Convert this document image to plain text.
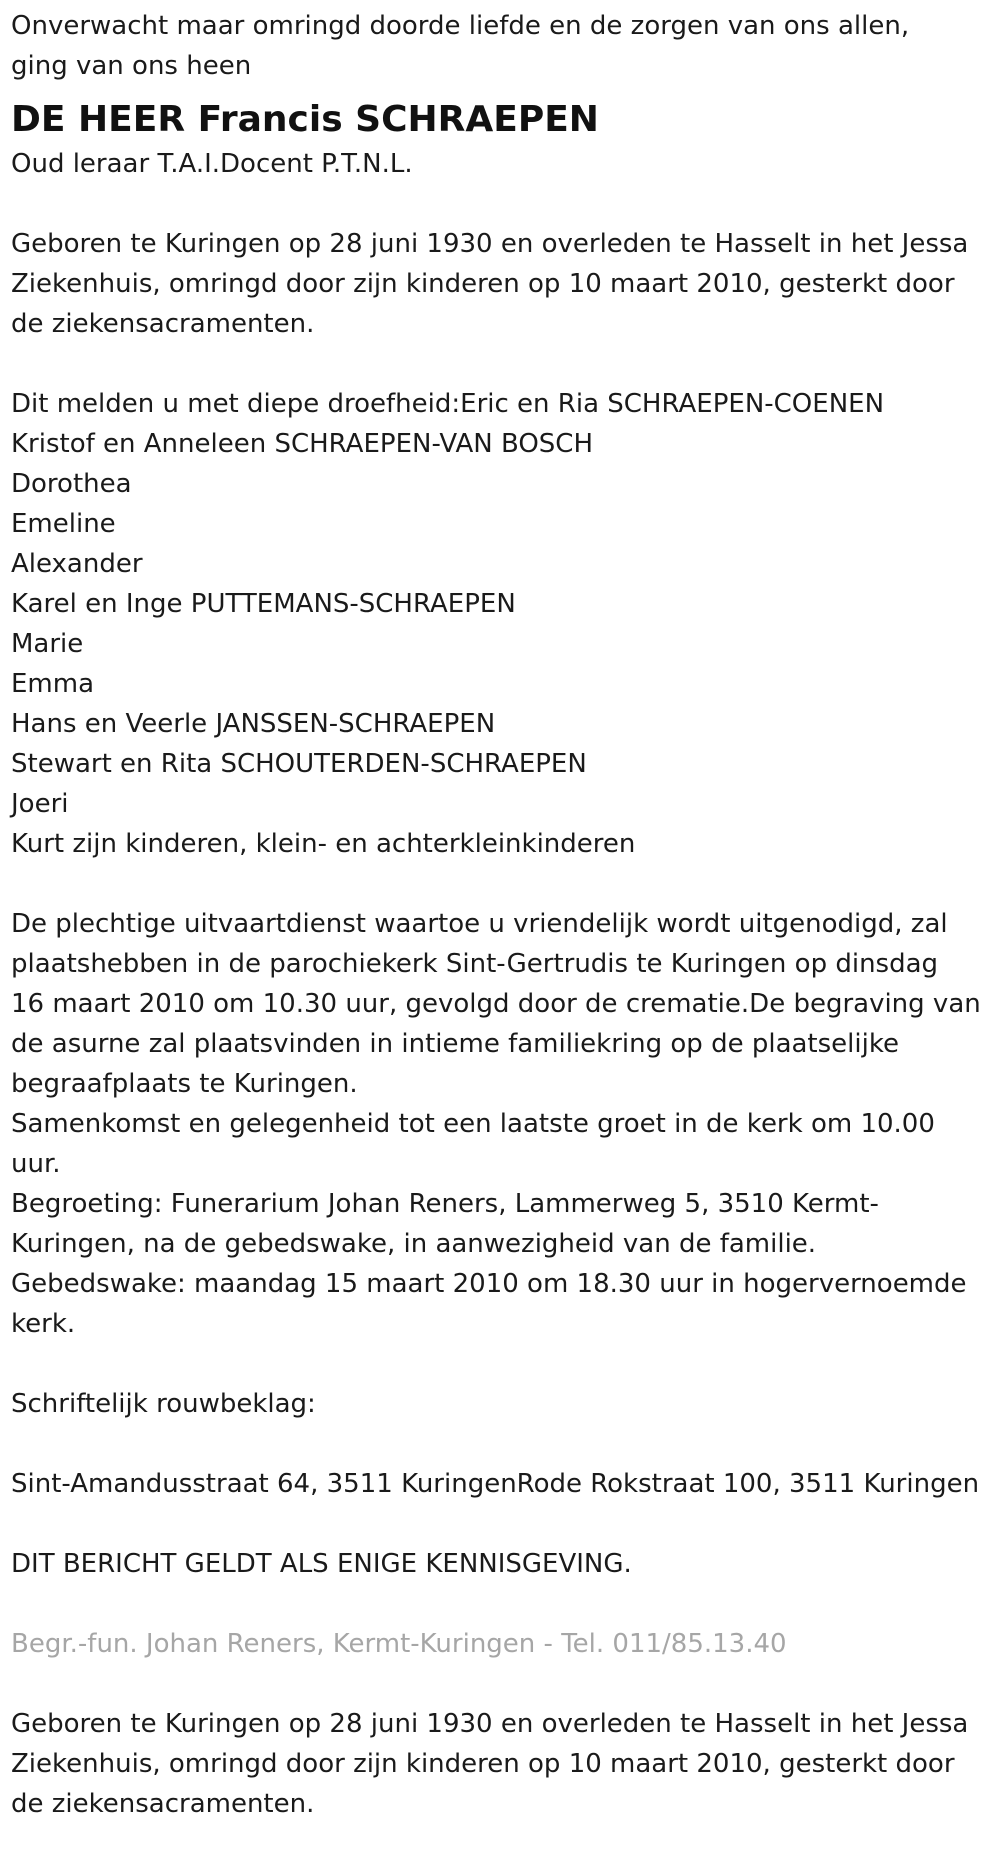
Onverwacht maar omringd doorde liefde en de zorgen van ons allen,

ging van ons heen

DE HEER Francis SCHRAEPEN

Oud leraar T.A.I.Docent P.T.N.L.

Geboren te Kuringen op 28 juni 1930 en overleden te Hasselt in het Jessa

Ziekenhuis, omringd door zijn kinderen op 10 maart 2010, gesterkt door

de ziekensacramenten.

Dit melden u met diepe droefheid:Eric en Ria SCHRAEPEN-COENEN

Kristof en Anneleen SCHRAEPEN-VAN BOSCH

Dorothea

Emeline

Alexander

Karel en Inge PUTTEMANS-SCHRAEPEN

Marie

Emma

Hans en Veerle JANSSEN-SCHRAEPEN

Stewart en Rita SCHOUTERDEN-SCHRAEPEN

Joeri

Kurt zijn kinderen, klein- en achterkleinkinderen

De plechtige uitvaartdienst waartoe u vriendelijk wordt uitgenodigd, zal

plaatshebben in de parochiekerk Sint-Gertrudis te Kuringen op dinsdag

16 maart 2010 om 10.30 uur, gevolgd door de crematie.De begraving van

de asurne zal plaatsvinden in intieme familiekring op de plaatselijke

begraafplaats te Kuringen.

Samenkomst en gelegenheid tot een laatste groet in de kerk om 10.00

uur.

Begroeting: Funerarium Johan Reners, Lammerweg 5, 3510 Kermt-

Kuringen, na de gebedswake, in aanwezigheid van de familie.

Gebedswake: maandag 15 maart 2010 om 18.30 uur in hogervernoemde

kerk.

Schriftelijk rouwbeklag:

Sint-Amandusstraat 64, 3511 KuringenRode Rokstraat 100, 3511 Kuringen

DIT BERICHT GELDT ALS ENIGE KENNISGEVING.

Begr.-fun. Johan Reners, Kermt-Kuringen - Tel. 011/85.13.40

Geboren te Kuringen op 28 juni 1930 en overleden te Hasselt in het Jessa

Ziekenhuis, omringd door zijn kinderen op 10 maart 2010, gesterkt door

de ziekensacramenten.
